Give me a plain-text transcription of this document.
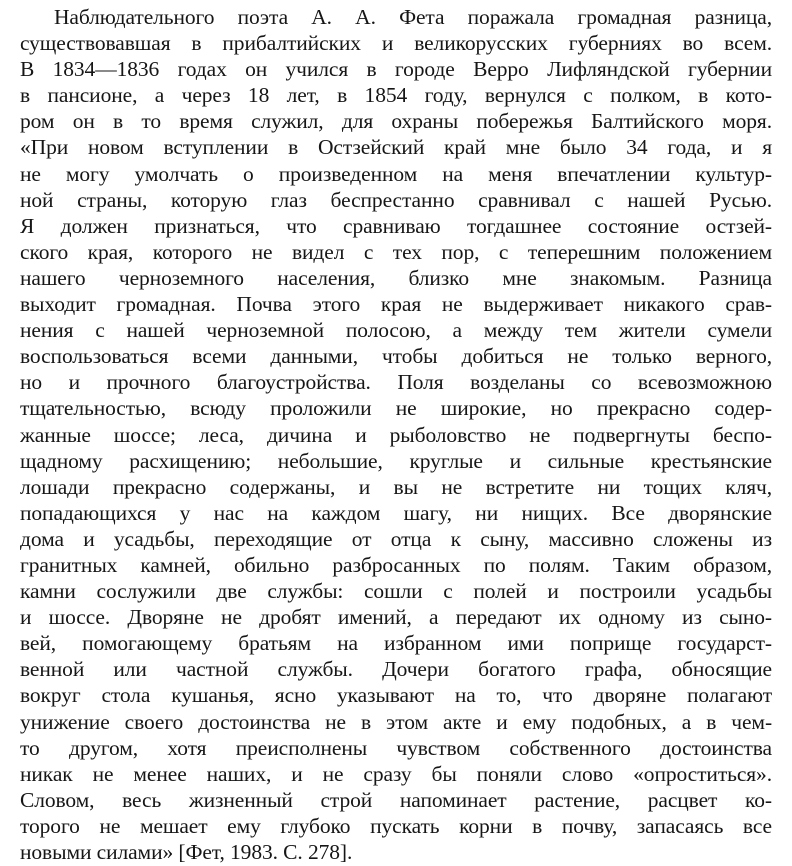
Наблюдательного поэта А. А. Фета поражала громадная разница,
существовавшая в прибалтийских и великорусских губерниях во всем.
В 1834—1836 годах он учился в городе Верро Лифляндской губернии
в пансионе, а через 18 лет, в 1854 году, вернулся с полком, в кото-
ром он в то время служил, для охраны побережья Балтийского моря.
«При новом вступлении в Остзейский край мне было 34 года, и я
не могу умолчать о произведенном на меня впечатлении культур-
ной страны, которую глаз беспрестанно сравнивал с нашей Русью.
Я должен признаться, что сравниваю тогдашнее состояние остзей-
ского края, которого не видел с тех пор, с теперешним положением
нашего черноземного населения, близко мне знакомым. Разница
выходит громадная. Почва этого края не выдерживает никакого срав-
нения с нашей черноземной полосою, а между тем жители сумели
воспользоваться всеми данными, чтобы добиться не только верного,
но и прочного благоустройства. Поля возделаны со всевозможною
тщательностью, всюду проложили не широкие, но прекрасно содер-
жанные шоссе; леса, дичина и рыболовство не подвергнуты беспо-
щадному расхищению; небольшие, круглые и сильные крестьянские
лошади прекрасно содержаны, и вы не встретите ни тощих кляч,
попадающихся у нас на каждом шагу, ни нищих. Все дворянские
дома и усадьбы, переходящие от отца к сыну, массивно сложены из
гранитных камней, обильно разбросанных по полям. Таким образом,
камни сослужили две службы: сошли с полей и построили усадьбы
и шоссе. Дворяне не дробят имений, а передают их одному из сыно-
вей, помогающему братьям на избранном ими поприще государст-
венной или частной службы. Дочери богатого графа, обносящие
вокруг стола кушанья, ясно указывают на то, что дворяне полагают
унижение своего достоинства не в этом акте и ему подобных, а в чем-
то другом, хотя преисполнены чувством собственного достоинства
никак не менее наших, и не сразу бы поняли слово «опроститься».
Словом, весь жизненный строй напоминает растение, расцвет ко-
торого не мешает ему глубоко пускать корни в почву, запасаясь все
новыми силами» [Фет, 1983. С. 278].
